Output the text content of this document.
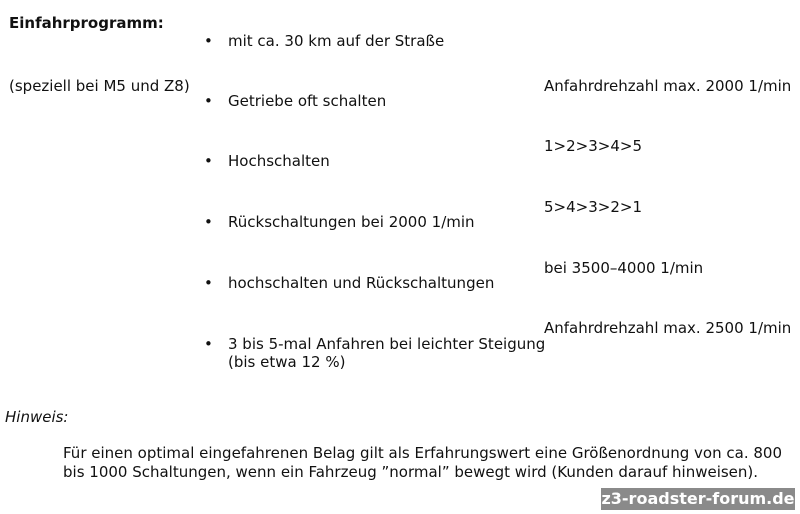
Einfahrprogramm:
(speziell bei M5 und Z8)
• mit ca. 30 km auf der Straße
Anfahrdrehzahl max. 2000 1/min
• Getriebe oft schalten
1>2>3>4>5
• Hochschalten
5>4>3>2>1
• Rückschaltungen bei 2000 1/min
bei 3500–4000 1/min
• hochschalten und Rückschaltungen
Anfahrdrehzahl max. 2500 1/min
• 3 bis 5-mal Anfahren bei leichter Steigung
(bis etwa 12 %)
Hinweis:
Für einen optimal eingefahrenen Belag gilt als Erfahrungswert eine Größenordnung von ca. 800 bis 1000 Schaltungen, wenn ein Fahrzeug ”normal” bewegt wird (Kunden darauf hinweisen).
z3-roadster-forum.de
